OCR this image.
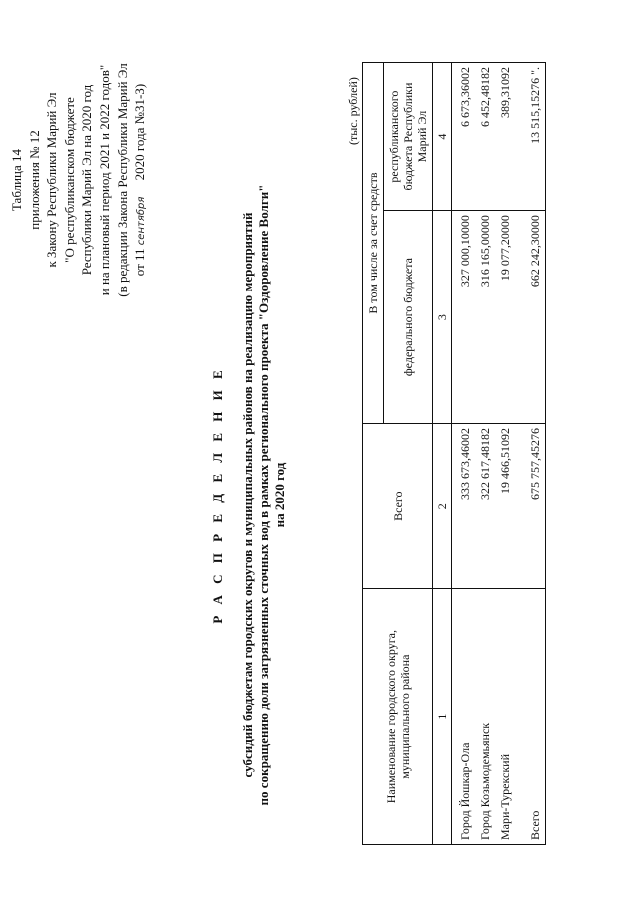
Таблица 14 приложения № 12 к Закону Республики Марий Эл "О республиканском бюджете Республики Марий Эл на 2020 год и на плановый период 2021 и 2022 годов" (в редакции Закона Республики Марий Эл от 11 сентября     2020 года №31-З)
Р А С П Р Е Д Е Л Е Н И Е субсидий бюджетам городских округов и муниципальных районов на реализацию мероприятий по сокращению доли загрязненных сточных вод в рамках регионального проекта "Оздоровление Волги" на 2020 год
(тыс. рублей)
Наименование городского округа, муниципального района	Всего	В том числе за счет средств	
		федерального бюджета	республиканского бюджета Республики Марий Эл
1	2	3	4
Город Йошкар-Ола	333 673,46002	327 000,10000	6 673,36002
Город Козьмодемьянск	322 617,48182	316 165,00000	6 452,48182
Мари-Турекский	19 466,51092	19 077,20000	389,31092

Всего	675 757,45276	662 242,30000	13 515,15276 ".
